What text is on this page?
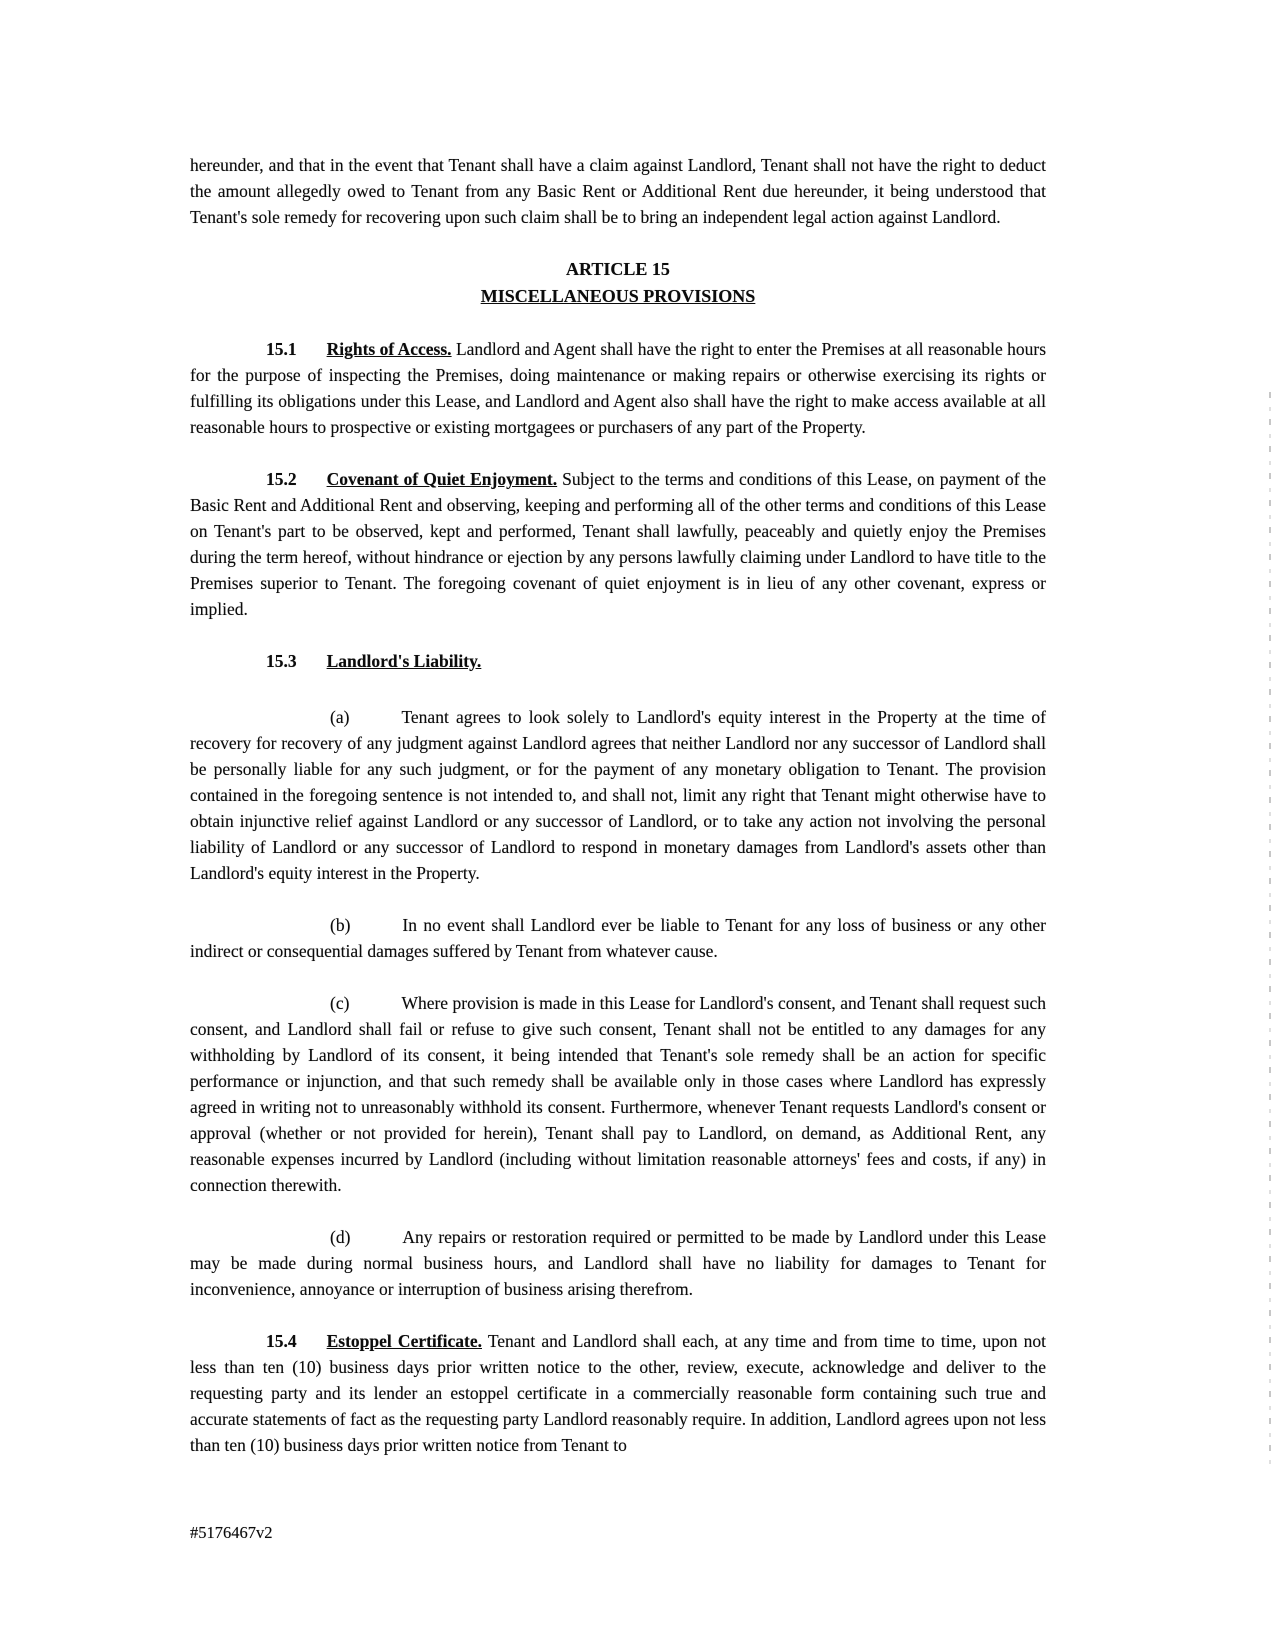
hereunder, and that in the event that Tenant shall have a claim against Landlord, Tenant shall not have the right to deduct the amount allegedly owed to Tenant from any Basic Rent or Additional Rent due hereunder, it being understood that Tenant's sole remedy for recovering upon such claim shall be to bring an independent legal action against Landlord.

ARTICLE 15
MISCELLANEOUS PROVISIONS

15.1 Rights of Access. Landlord and Agent shall have the right to enter the Premises at all reasonable hours for the purpose of inspecting the Premises, doing maintenance or making repairs or otherwise exercising its rights or fulfilling its obligations under this Lease, and Landlord and Agent also shall have the right to make access available at all reasonable hours to prospective or existing mortgagees or purchasers of any part of the Property.

15.2 Covenant of Quiet Enjoyment. Subject to the terms and conditions of this Lease, on payment of the Basic Rent and Additional Rent and observing, keeping and performing all of the other terms and conditions of this Lease on Tenant's part to be observed, kept and performed, Tenant shall lawfully, peaceably and quietly enjoy the Premises during the term hereof, without hindrance or ejection by any persons lawfully claiming under Landlord to have title to the Premises superior to Tenant. The foregoing covenant of quiet enjoyment is in lieu of any other covenant, express or implied.

15.3 Landlord's Liability.

(a)	Tenant agrees to look solely to Landlord's equity interest in the Property at the time of recovery for recovery of any judgment against Landlord agrees that neither Landlord nor any successor of Landlord shall be personally liable for any such judgment, or for the payment of any monetary obligation to Tenant. The provision contained in the foregoing sentence is not intended to, and shall not, limit any right that Tenant might otherwise have to obtain injunctive relief against Landlord or any successor of Landlord, or to take any action not involving the personal liability of Landlord or any successor of Landlord to respond in monetary damages from Landlord's assets other than Landlord's equity interest in the Property.

(b)	In no event shall Landlord ever be liable to Tenant for any loss of business or any other indirect or consequential damages suffered by Tenant from whatever cause.

(c)	Where provision is made in this Lease for Landlord's consent, and Tenant shall request such consent, and Landlord shall fail or refuse to give such consent, Tenant shall not be entitled to any damages for any withholding by Landlord of its consent, it being intended that Tenant's sole remedy shall be an action for specific performance or injunction, and that such remedy shall be available only in those cases where Landlord has expressly agreed in writing not to unreasonably withhold its consent. Furthermore, whenever Tenant requests Landlord's consent or approval (whether or not provided for herein), Tenant shall pay to Landlord, on demand, as Additional Rent, any reasonable expenses incurred by Landlord (including without limitation reasonable attorneys' fees and costs, if any) in connection therewith.

(d)	Any repairs or restoration required or permitted to be made by Landlord under this Lease may be made during normal business hours, and Landlord shall have no liability for damages to Tenant for inconvenience, annoyance or interruption of business arising therefrom.

15.4 Estoppel Certificate. Tenant and Landlord shall each, at any time and from time to time, upon not less than ten (10) business days prior written notice to the other, review, execute, acknowledge and deliver to the requesting party and its lender an estoppel certificate in a commercially reasonable form containing such true and accurate statements of fact as the requesting party Landlord reasonably require. In addition, Landlord agrees upon not less than ten (10) business days prior written notice from Tenant to

#5176467v2
